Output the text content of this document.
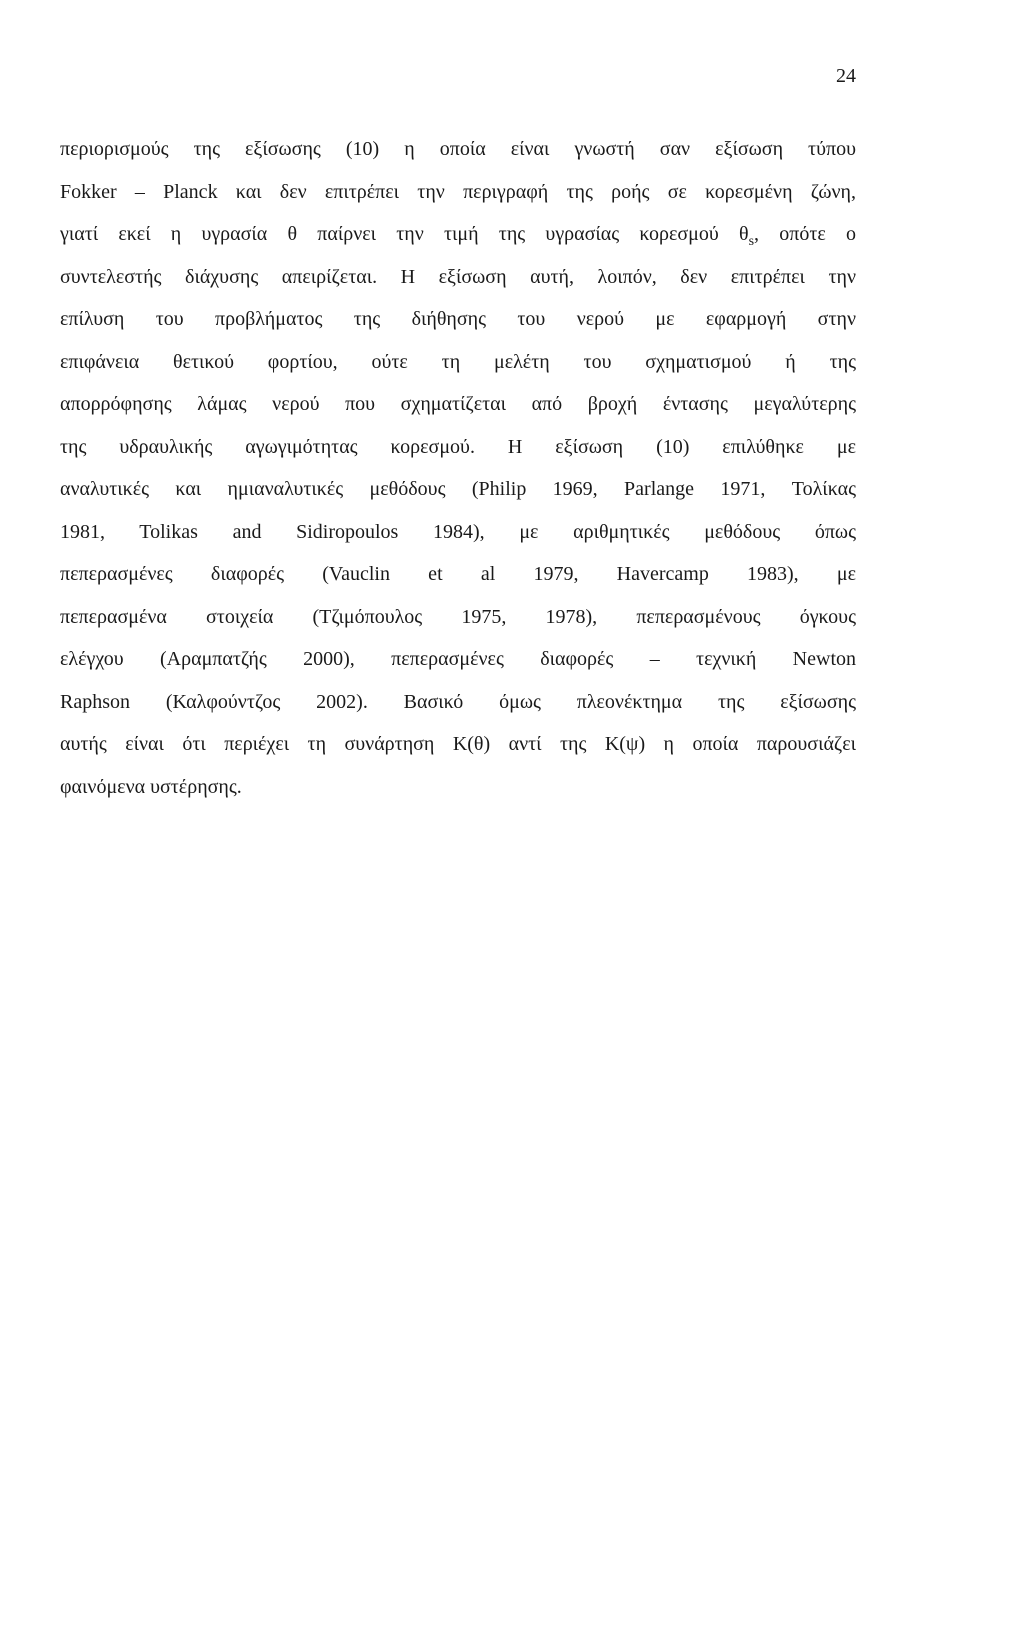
24
περιορισμούς της εξίσωσης (10) η οποία είναι γνωστή σαν εξίσωση τύπου
Fokker – Planck και δεν επιτρέπει την περιγραφή της ροής σε κορεσμένη ζώνη,
γιατί εκεί η υγρασία θ παίρνει την τιμή της υγρασίας κορεσμού $\theta_s$, οπότε ο
συντελεστής διάχυσης απειρίζεται. Η εξίσωση αυτή, λοιπόν, δεν επιτρέπει την
επίλυση του προβλήματος της διήθησης του νερού με εφαρμογή στην
επιφάνεια θετικού φορτίου, ούτε τη μελέτη του σχηματισμού ή της
απορρόφησης λάμας νερού που σχηματίζεται από βροχή έντασης μεγαλύτερης
της υδραυλικής αγωγιμότητας κορεσμού. Η εξίσωση (10) επιλύθηκε με
αναλυτικές και ημιαναλυτικές μεθόδους (Philip 1969, Parlange 1971, Τολίκας
1981, Tolikas and Sidiropoulos 1984), με αριθμητικές μεθόδους όπως
πεπερασμένες διαφορές (Vauclin et al 1979, Havercamp 1983), με
πεπερασμένα στοιχεία (Τζιμόπουλος 1975, 1978), πεπερασμένους όγκους
ελέγχου (Αραμπατζής 2000), πεπερασμένες διαφορές – τεχνική Newton
Raphson (Καλφούντζος 2002). Βασικό όμως πλεονέκτημα της εξίσωσης
αυτής είναι ότι περιέχει τη συνάρτηση Κ(θ) αντί της Κ(ψ) η οποία παρουσιάζει
φαινόμενα υστέρησης.
